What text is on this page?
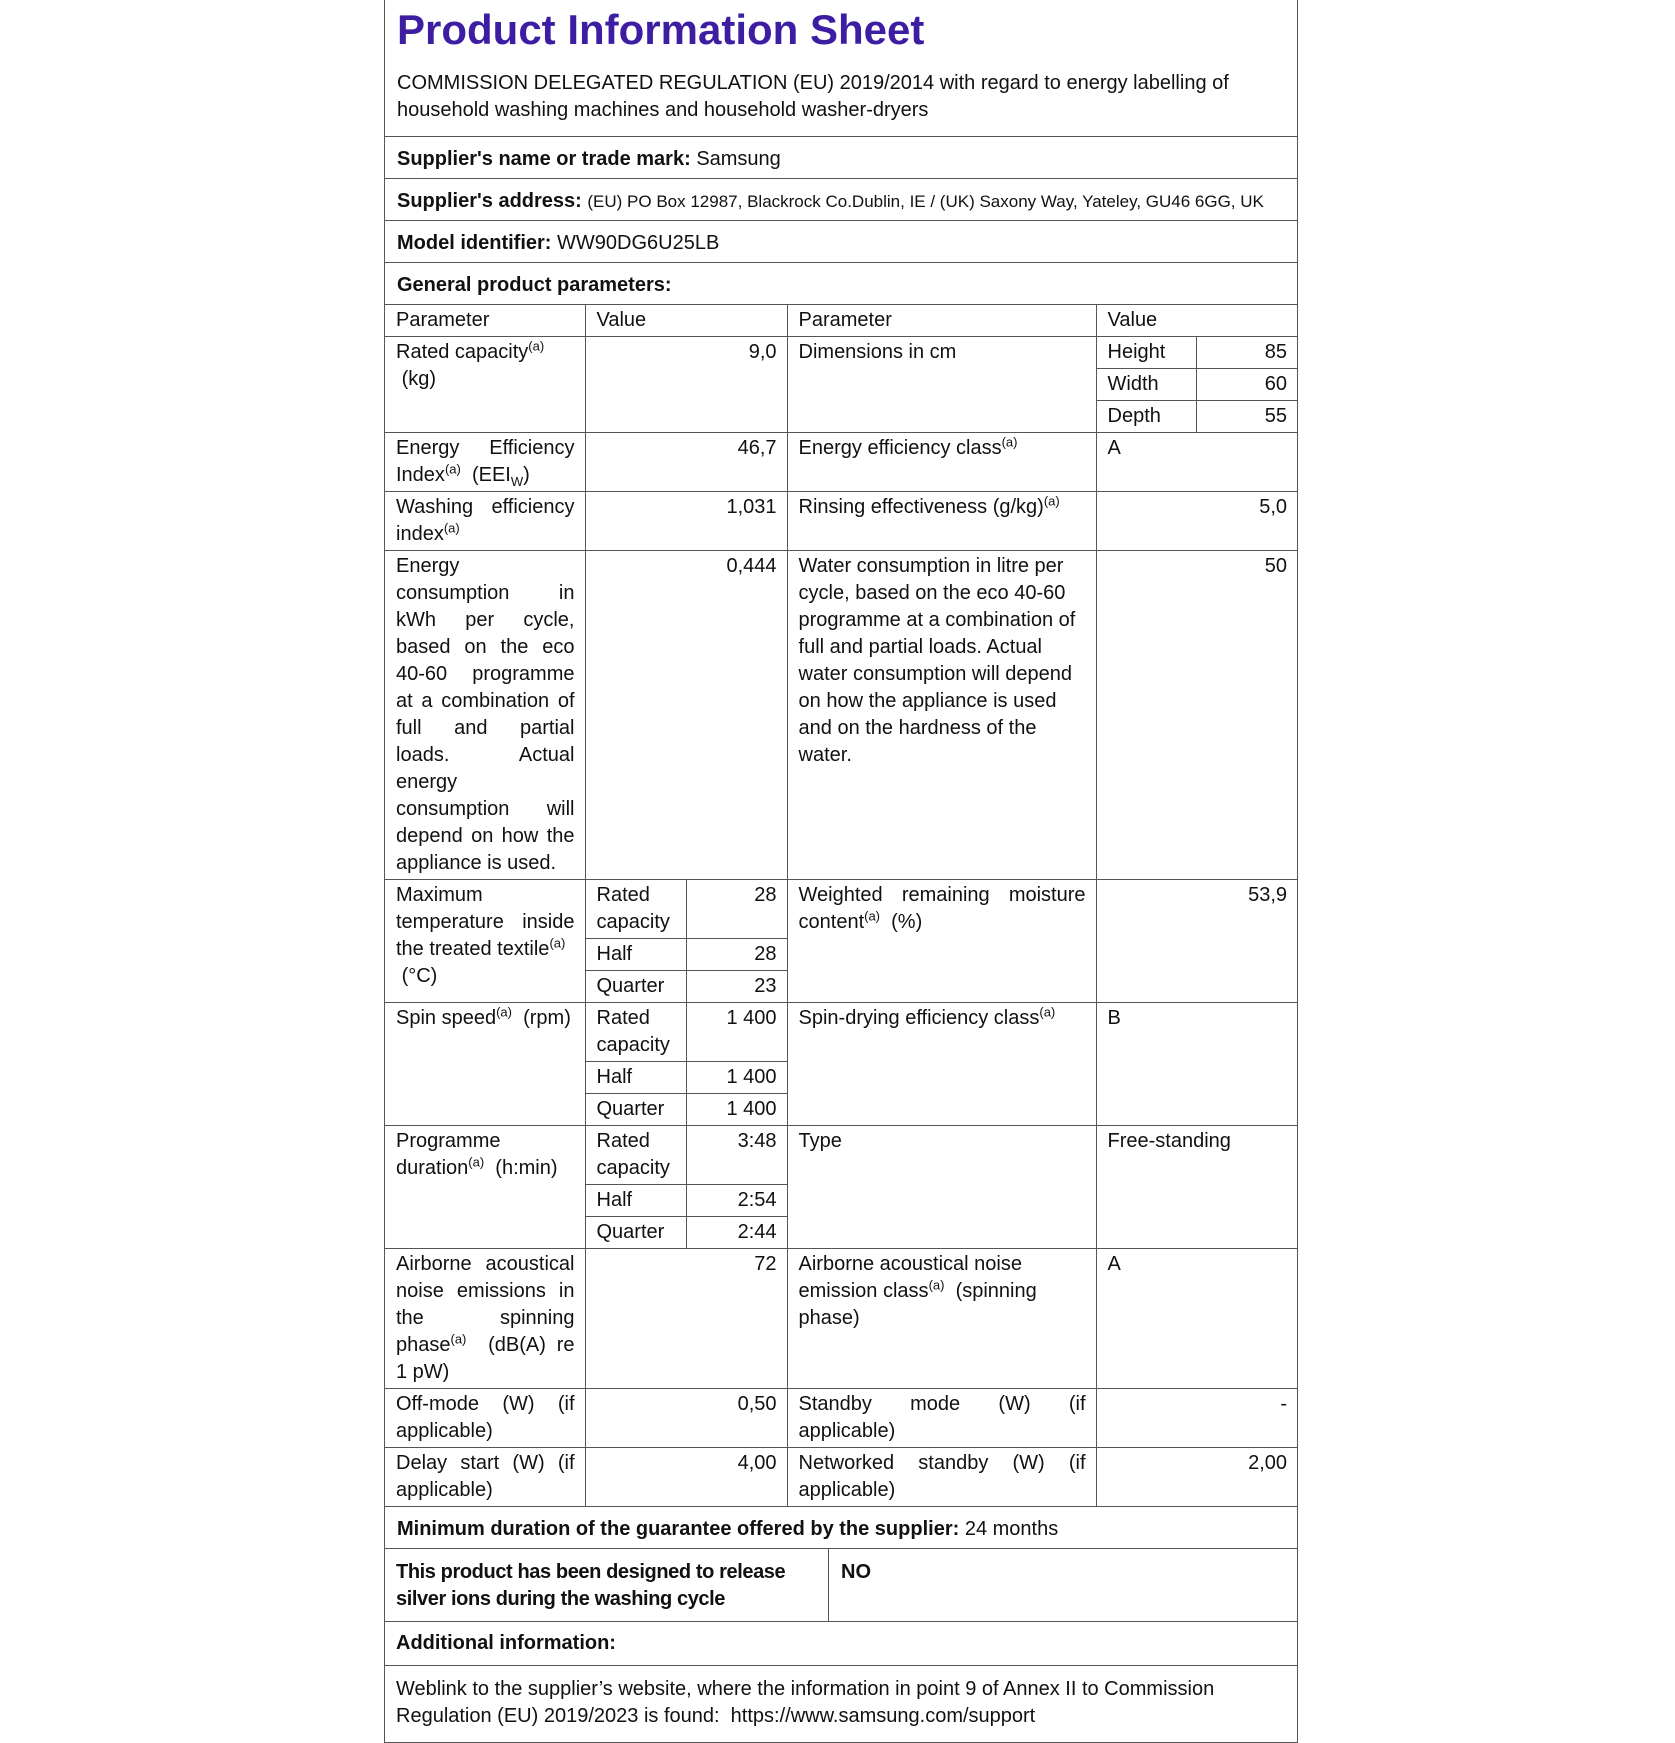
Product Information Sheet
COMMISSION DELEGATED REGULATION (EU) 2019/2014 with regard to energy labelling of household washing machines and household washer-dryers
Supplier's name or trade mark: Samsung
Supplier's address: (EU) PO Box 12987, Blackrock Co.Dublin, IE / (UK) Saxony Way, Yateley, GU46 6GG, UK
Model identifier: WW90DG6U25LB
General product parameters:
Parameter	Value		Parameter	Value	
Rated capacity$^{(a)}$
(kg)	9,0		Dimensions in cm	Height	85
				Width	60
				Depth	55
Energy Efficiency Index$^{(a)}$ $(EEI_W)$	46,7		Energy efficiency class$^{(a)}$	A	
Washing efficiency index$^{(a)}$	1,031		Rinsing effectiveness $(g/kg)^{(a)}$	5,0	
Energy consumption in kWh per cycle, based on the eco 40-60 programme at a combination of full and partial loads. Actual energy consumption will depend on how the appliance is used.	0,444		Water consumption in litre per cycle, based on the eco 40-60 programme at a combination of full and partial loads. Actual water consumption will depend on how the appliance is used and on the hardness of the water.	50	
Maximum temperature inside the treated textile$^{(a)}$
(°C)	Rated capacity	28	Weighted remaining moisture content$^{(a)}$ (%)	53,9	
	Half	28			
	Quarter	23			
Spin speed$^{(a)}$ (rpm)	Rated capacity	1 400	Spin-drying efficiency class$^{(a)}$	B	
	Half	1 400			
	Quarter	1 400			
Programme duration$^{(a)}$ (h:min)	Rated capacity	3:48	Type	Free-standing	
	Half	2:54			
	Quarter	2:44			
Airborne acoustical noise emissions in the spinning phase$^{(a)}$ (dB(A) re 1 pW)	72		Airborne acoustical noise emission class$^{(a)}$ (spinning phase)	A	
Off-mode (W) (if applicable)	0,50		Standby mode (W) (if applicable)	-	
Delay start (W) (if applicable)	4,00		Networked standby (W) (if applicable)	2,00	
Minimum duration of the guarantee offered by the supplier: 24 months
This product has been designed to release silver ions during the washing cycle
NO
Additional information:
Weblink to the supplier’s website, where the information in point 9 of Annex II to Commission Regulation (EU) 2019/2023 is found: https://www.samsung.com/support
